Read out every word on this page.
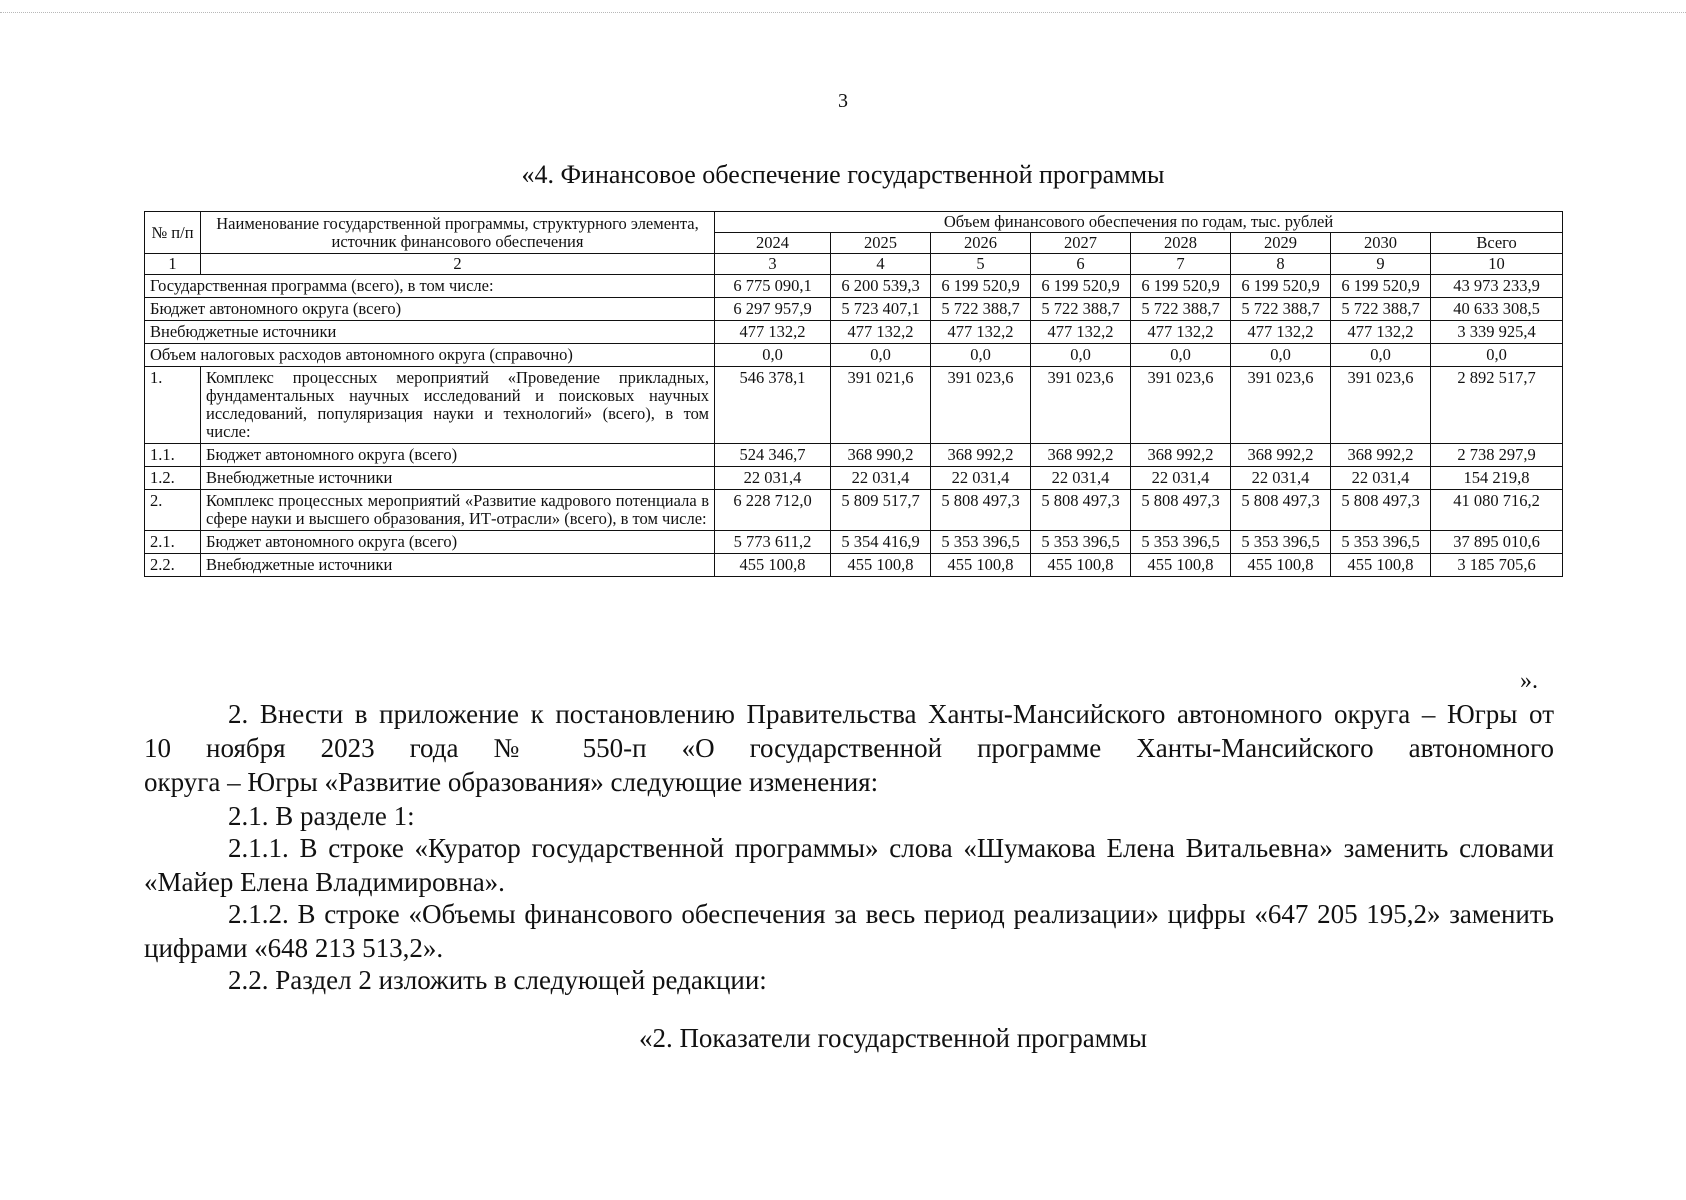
3
«4. Финансовое обеспечение государственной программы
№ п/п	Наименование государственной программы, структурного элемента, источник финансового обеспечения	Объем финансового обеспечения по годам, тыс. рублей							
		2024	2025	2026	2027	2028	2029	2030	Всего
1	2	3	4	5	6	7	8	9	10
Государственная программа (всего), в том числе:		6 775 090,1	6 200 539,3	6 199 520,9	6 199 520,9	6 199 520,9	6 199 520,9	6 199 520,9	43 973 233,9
Бюджет автономного округа (всего)		6 297 957,9	5 723 407,1	5 722 388,7	5 722 388,7	5 722 388,7	5 722 388,7	5 722 388,7	40 633 308,5
Внебюджетные источники		477 132,2	477 132,2	477 132,2	477 132,2	477 132,2	477 132,2	477 132,2	3 339 925,4
Объем налоговых расходов автономного округа (справочно)		0,0	0,0	0,0	0,0	0,0	0,0	0,0	0,0
1.	Комплекс процессных мероприятий «Проведение прикладных, фундаментальных научных исследований и поисковых научных исследований, популяризация науки и технологий» (всего), в том числе:	546 378,1	391 021,6	391 023,6	391 023,6	391 023,6	391 023,6	391 023,6	2 892 517,7
1.1.	Бюджет автономного округа (всего)	524 346,7	368 990,2	368 992,2	368 992,2	368 992,2	368 992,2	368 992,2	2 738 297,9
1.2.	Внебюджетные источники	22 031,4	22 031,4	22 031,4	22 031,4	22 031,4	22 031,4	22 031,4	154 219,8
2.	Комплекс процессных мероприятий «Развитие кадрового потенциала в сфере науки и высшего образования, ИТ-отрасли» (всего), в том числе:	6 228 712,0	5 809 517,7	5 808 497,3	5 808 497,3	5 808 497,3	5 808 497,3	5 808 497,3	41 080 716,2
2.1.	Бюджет автономного округа (всего)	5 773 611,2	5 354 416,9	5 353 396,5	5 353 396,5	5 353 396,5	5 353 396,5	5 353 396,5	37 895 010,6
2.2.	Внебюджетные источники	455 100,8	455 100,8	455 100,8	455 100,8	455 100,8	455 100,8	455 100,8	3 185 705,6
».
2. Внести в приложение к постановлению Правительства Ханты-Мансийского автономного округа – Югры от
10 ноября 2023 года № 550-п «О государственной программе Ханты-Мансийского автономного
округа – Югры «Развитие образования» следующие изменения:
2.1. В разделе 1:
2.1.1. В строке «Куратор государственной программы» слова «Шумакова Елена Витальевна» заменить словами «Майер Елена Владимировна».
2.1.2. В строке «Объемы финансового обеспечения за весь период реализации» цифры «647 205 195,2» заменить цифрами «648 213 513,2».
2.2. Раздел 2 изложить в следующей редакции:
«2. Показатели государственной программы
